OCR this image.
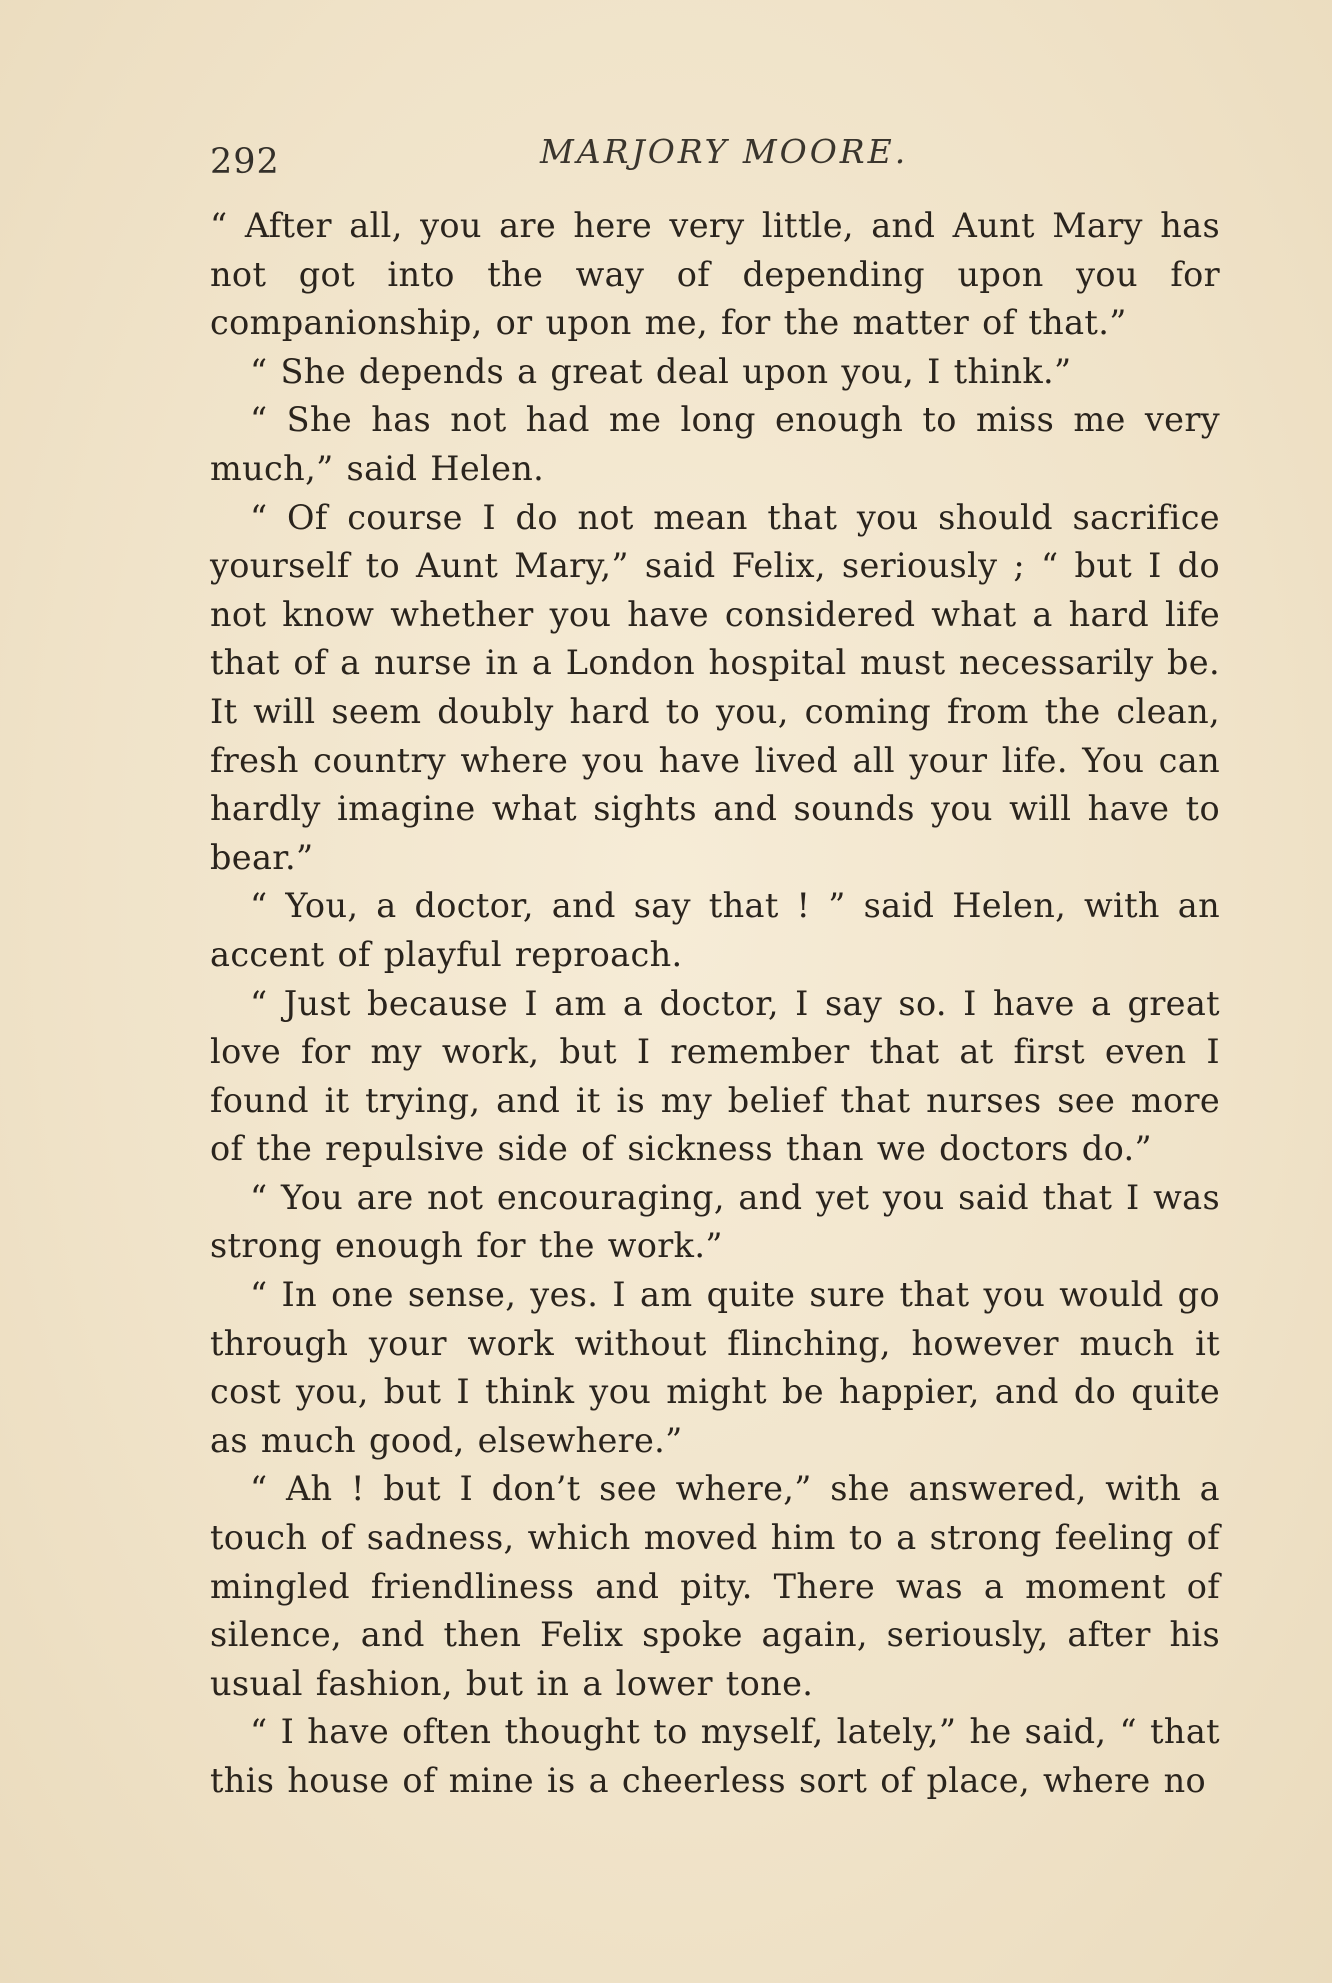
292	MARJORY MOORE.

“ After all, you are here very little, and Aunt Mary has not got into the way of depending upon you for companionship, or upon me, for the matter of that.”

“ She depends a great deal upon you, I think.”

“ She has not had me long enough to miss me very much,” said Helen.

“ Of course I do not mean that you should sacrifice yourself to Aunt Mary,” said Felix, seriously ; “ but I do not know whether you have considered what a hard life that of a nurse in a London hospital must necessarily be. It will seem doubly hard to you, coming from the clean, fresh country where you have lived all your life. You can hardly imagine what sights and sounds you will have to bear.”

“ You, a doctor, and say that ! ” said Helen, with an accent of playful reproach.

“ Just because I am a doctor, I say so. I have a great love for my work, but I remember that at first even I found it trying, and it is my belief that nurses see more of the repulsive side of sickness than we doctors do.”

“ You are not encouraging, and yet you said that I was strong enough for the work.”

“ In one sense, yes. I am quite sure that you would go through your work without flinching, however much it cost you, but I think you might be happier, and do quite as much good, elsewhere.”

“ Ah ! but I don’t see where,” she answered, with a touch of sadness, which moved him to a strong feeling of mingled friendliness and pity. There was a moment of silence, and then Felix spoke again, seriously, after his usual fashion, but in a lower tone.

“ I have often thought to myself, lately,” he said, “ that this house of mine is a cheerless sort of place, where no
